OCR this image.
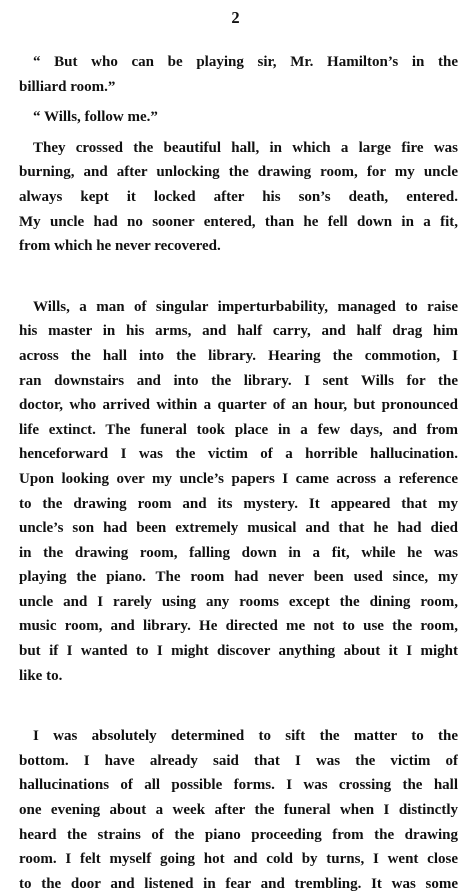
2
“ But who can be playing sir, Mr. Hamilton’s in the
billiard room.”
“ Wills, follow me.”
They crossed the beautiful hall, in which a large fire was
burning, and after unlocking the drawing room, for my uncle
always kept it locked after his son’s death, entered.
My uncle had no sooner entered, than he fell down in a fit,
from which he never recovered.
Wills, a man of singular imperturbability, managed to raise
his master in his arms, and half carry, and half drag him
across the hall into the library. Hearing the commotion, I
ran downstairs and into the library. I sent Wills for the
doctor, who arrived within a quarter of an hour, but pronounced
life extinct. The funeral took place in a few days, and from
henceforward I was the victim of a horrible hallucination.
Upon looking over my uncle’s papers I came across a reference
to the drawing room and its mystery. It appeared that my
uncle’s son had been extremely musical and that he had died
in the drawing room, falling down in a fit, while he was
playing the piano. The room had never been used since, my
uncle and I rarely using any rooms except the dining room,
music room, and library. He directed me not to use the room,
but if I wanted to I might discover anything about it I might
like to.
I was absolutely determined to sift the matter to the
bottom. I have already said that I was the victim of
hallucinations of all possible forms. I was crossing the hall
one evening about a week after the funeral when I distinctly
heard the strains of the piano proceeding from the drawing
room. I felt myself going hot and cold by turns, I went close
to the door and listened in fear and trembling. It was some
